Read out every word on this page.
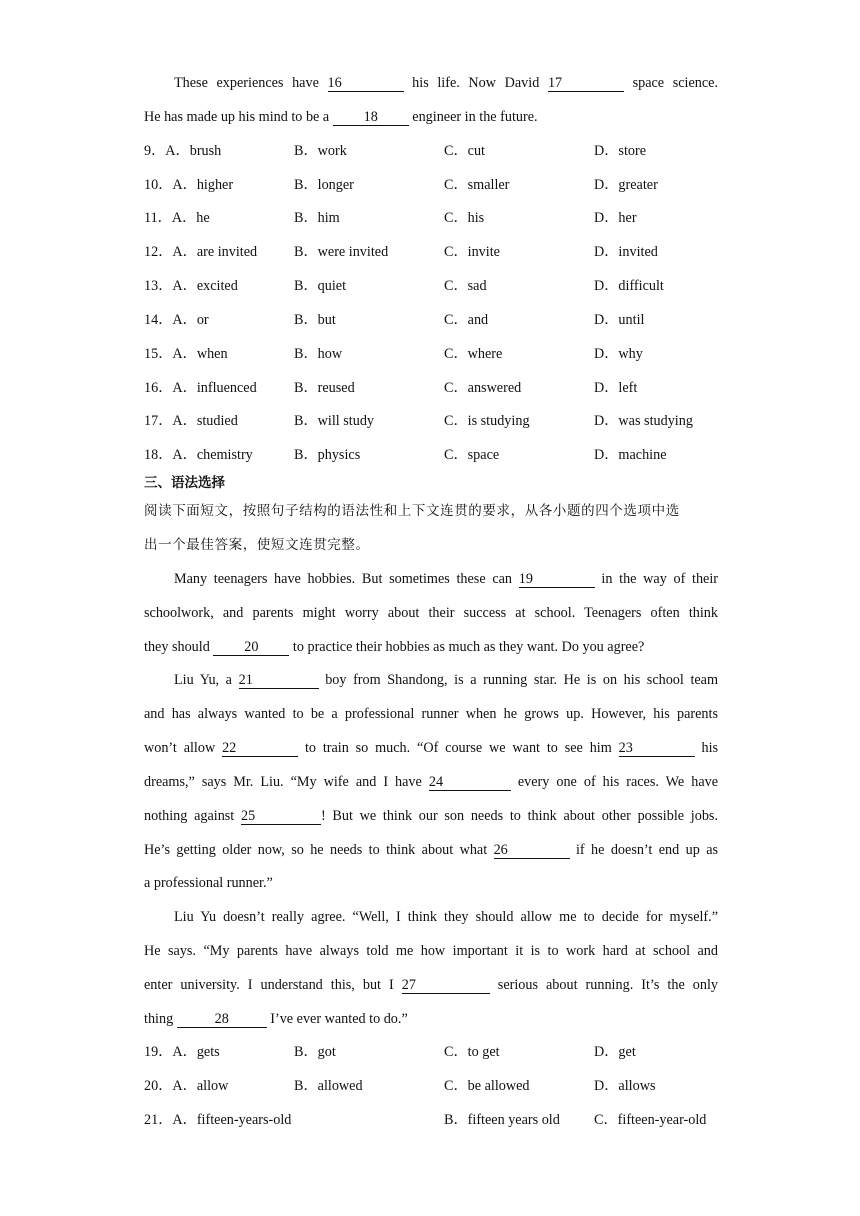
These experiences have 16	his life. Now David 17	space science.
He has made up his mind to be a 18 engineer in the future.
9．A．brush	B．work	C．cut	D．store
10．A．higher	B．longer	C．smaller	D．greater
11．A．he	B．him	C．his	D．her
12．A．are invited	B．were invited	C．invite	D．invited
13．A．excited	B．quiet	C．sad	D．difficult
14．A．or	B．but	C．and	D．until
15．A．when	B．how	C．where	D．why
16．A．influenced	B．reused	C．answered	D．left
17．A．studied	B．will study	C．is studying	D．was studying
18．A．chemistry	B．physics	C．space	D．machine
三、语法选择
阅读下面短文，按照句子结构的语法性和上下文连贯的要求，从各小题的四个选项中选
出一个最佳答案，使短文连贯完整。
Many teenagers have hobbies. But sometimes these can 19	in the way of their
schoolwork, and parents might worry about their success at school. Teenagers often think
they should 20 to practice their hobbies as much as they want. Do you agree?
Liu Yu, a 21	boy from Shandong, is a running star. He is on his school team
and has always wanted to be a professional runner when he grows up. However, his parents
won’t allow 22	to train so much. “Of course we want to see him 23	his
dreams,” says Mr. Liu. “My wife and I have 24	every one of his races. We have
nothing against 25	! But we think our son needs to think about other possible jobs.
He’s getting older now, so he needs to think about what 26	if he doesn’t end up as
a professional runner.”
Liu Yu doesn’t really agree. “Well, I think they should allow me to decide for myself.”
He says. “My parents have always told me how important it is to work hard at school and
enter university. I understand this, but I 27	serious about running. It’s the only
thing	28	I’ve ever wanted to do.”
19．A．gets	B．got	C．to get	D．get
20．A．allow	B．allowed	C．be allowed	D．allows
21．A．fifteen-years-old	B．fifteen years old C．fifteen-year-old
